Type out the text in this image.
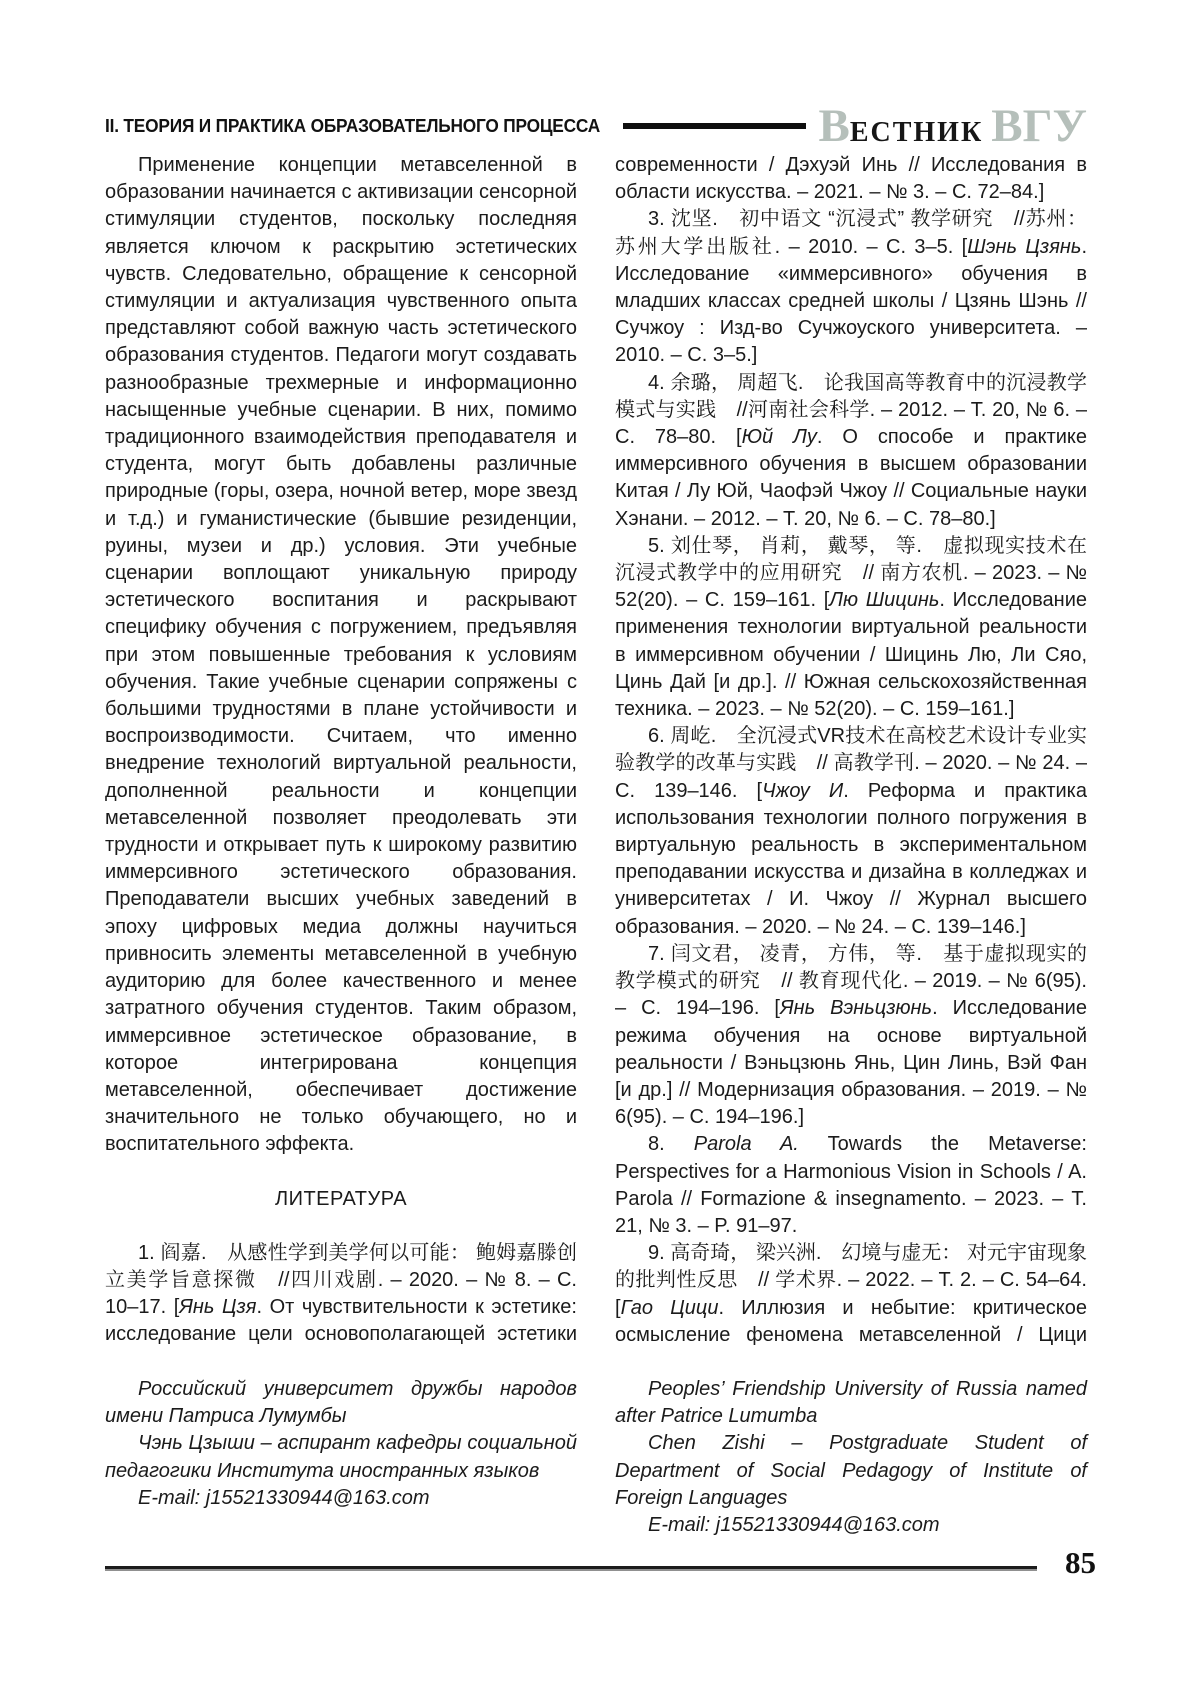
II. ТЕОРИЯ И ПРАКТИКА ОБРАЗОВАТЕЛЬНОГО ПРОЦЕССА	В ЕСТНИК ВГУ

Применение концепции метавселенной в образовании начинается с активизации сенсорной стимуляции студентов, поскольку последняя является ключом к раскрытию эстетических чувств. Следовательно, обращение к сенсорной стимуляции и актуализация чувственного опыта представляют собой важную часть эстетического образования студентов. Педагоги могут создавать разнообразные трехмерные и информационно насыщенные учебные сценарии. В них, помимо традиционного взаимодействия преподавателя и студента, могут быть добавлены различные природные (горы, озера, ночной ветер, море звезд и т.д.) и гуманистические (бывшие резиденции, руины, музеи и др.) условия. Эти учебные сценарии воплощают уникальную природу эстетического воспитания и раскрывают специфику обучения с погружением, предъявляя при этом повышенные требования к условиям обучения. Такие учебные сценарии сопряжены с большими трудностями в плане устойчивости и воспроизводимости. Считаем, что именно внедрение технологий виртуальной реальности, дополненной реальности и концепции метавселенной позволяет преодолевать эти трудности и открывает путь к широкому развитию иммерсивного эстетического образования. Преподаватели высших учебных заведений в эпоху цифровых медиа должны научиться привносить элементы метавселенной в учебную аудиторию для более качественного и менее затратного обучения студентов. Таким образом, иммерсивное эстетическое образование, в которое интегрирована концепция метавселенной, обеспечивает достижение значительного не только обучающего, но и воспитательного эффекта.

ЛИТЕРАТУРА

1. 阎嘉.　从感性学到美学何以可能： 鲍姆嘉滕创立美学旨意探微　//四川戏剧. – 2020. – № 8. – С. 10–17. [Янь Цзя. От чувствительности к эстетике: исследование цели основополагающей эстетики

современности / Дэхуэй Инь // Исследования в области искусства. – 2021. – № 3. – С. 72–84.]

3. 沈坚.　初中语文 “沉浸式” 教学研究　//苏州： 苏州大学出版社. – 2010. – С. 3–5. [Шэнь Цзянь. Исследование «иммерсивного» обучения в младших классах средней школы / Цзянь Шэнь // Сучжоу : Изд-во Сучжоуского университета. – 2010. – С. 3–5.]

4. 余璐， 周超飞.　论我国高等教育中的沉浸教学模式与实践　//河南社会科学. – 2012. – Т. 20, № 6. – С. 78–80. [Юй Лу. О способе и практике иммерсивного обучения в высшем образовании Китая / Лу Юй, Чаофэй Чжоу // Социальные науки Хэнани. – 2012. – Т. 20, № 6. – С. 78–80.]

5. 刘仕琴， 肖莉， 戴琴， 等.　虚拟现实技术在沉浸式教学中的应用研究　// 南方农机. – 2023. – № 52(20). – С. 159–161. [Лю Шицинь. Исследование применения технологии виртуальной реальности в иммерсивном обучении / Шицинь Лю, Ли Сяо, Цинь Дай [и др.]. // Южная сельскохозяйственная техника. – 2023. – № 52(20). – С. 159–161.]

6. 周屹.　全沉浸式VR技术在高校艺术设计专业实验教学的改革与实践　// 高教学刊. – 2020. – № 24. – С. 139–146. [Чжоу И. Реформа и практика использования технологии полного погружения в виртуальную реальность в экспериментальном преподавании искусства и дизайна в колледжах и университетах / И. Чжоу // Журнал высшего образования. – 2020. – № 24. – С. 139–146.]

7. 闫文君， 凌青， 方伟， 等.　基于虚拟现实的教学模式的研究　// 教育现代化. – 2019. – № 6(95). – С. 194–196. [Янь Вэньцзюнь. Исследование режима обучения на основе виртуальной реальности / Вэньцзюнь Янь, Цин Линь, Вэй Фан [и др.] // Модернизация образования. – 2019. – № 6(95). – С. 194–196.]

8. Parola A. Towards the Metaverse: Perspectives for a Harmonious Vision in Schools / A. Parola // Formazione & insegnamento. – 2023. – Т. 21, № 3. – P. 91–97.

9. 高奇琦， 梁兴洲.　幻境与虚无： 对元宇宙现象的批判性反思　// 学术界. – 2022. – Т. 2. – С. 54–64. [Гао Цици. Иллюзия и небытие: критическое осмысление феномена метавселенной / Цици

Российский университет дружбы народов имени Патриса Лумумбы

Чэнь Цзыши – аспирант кафедры социальной педагогики Института иностранных языков

E-mail: j15521330944@163.com

Peoples’ Friendship University of Russia named after Patrice Lumumba

Chen Zishi – Postgraduate Student of Department of Social Pedagogy of Institute of Foreign Languages

E-mail: j15521330944@163.com

85
